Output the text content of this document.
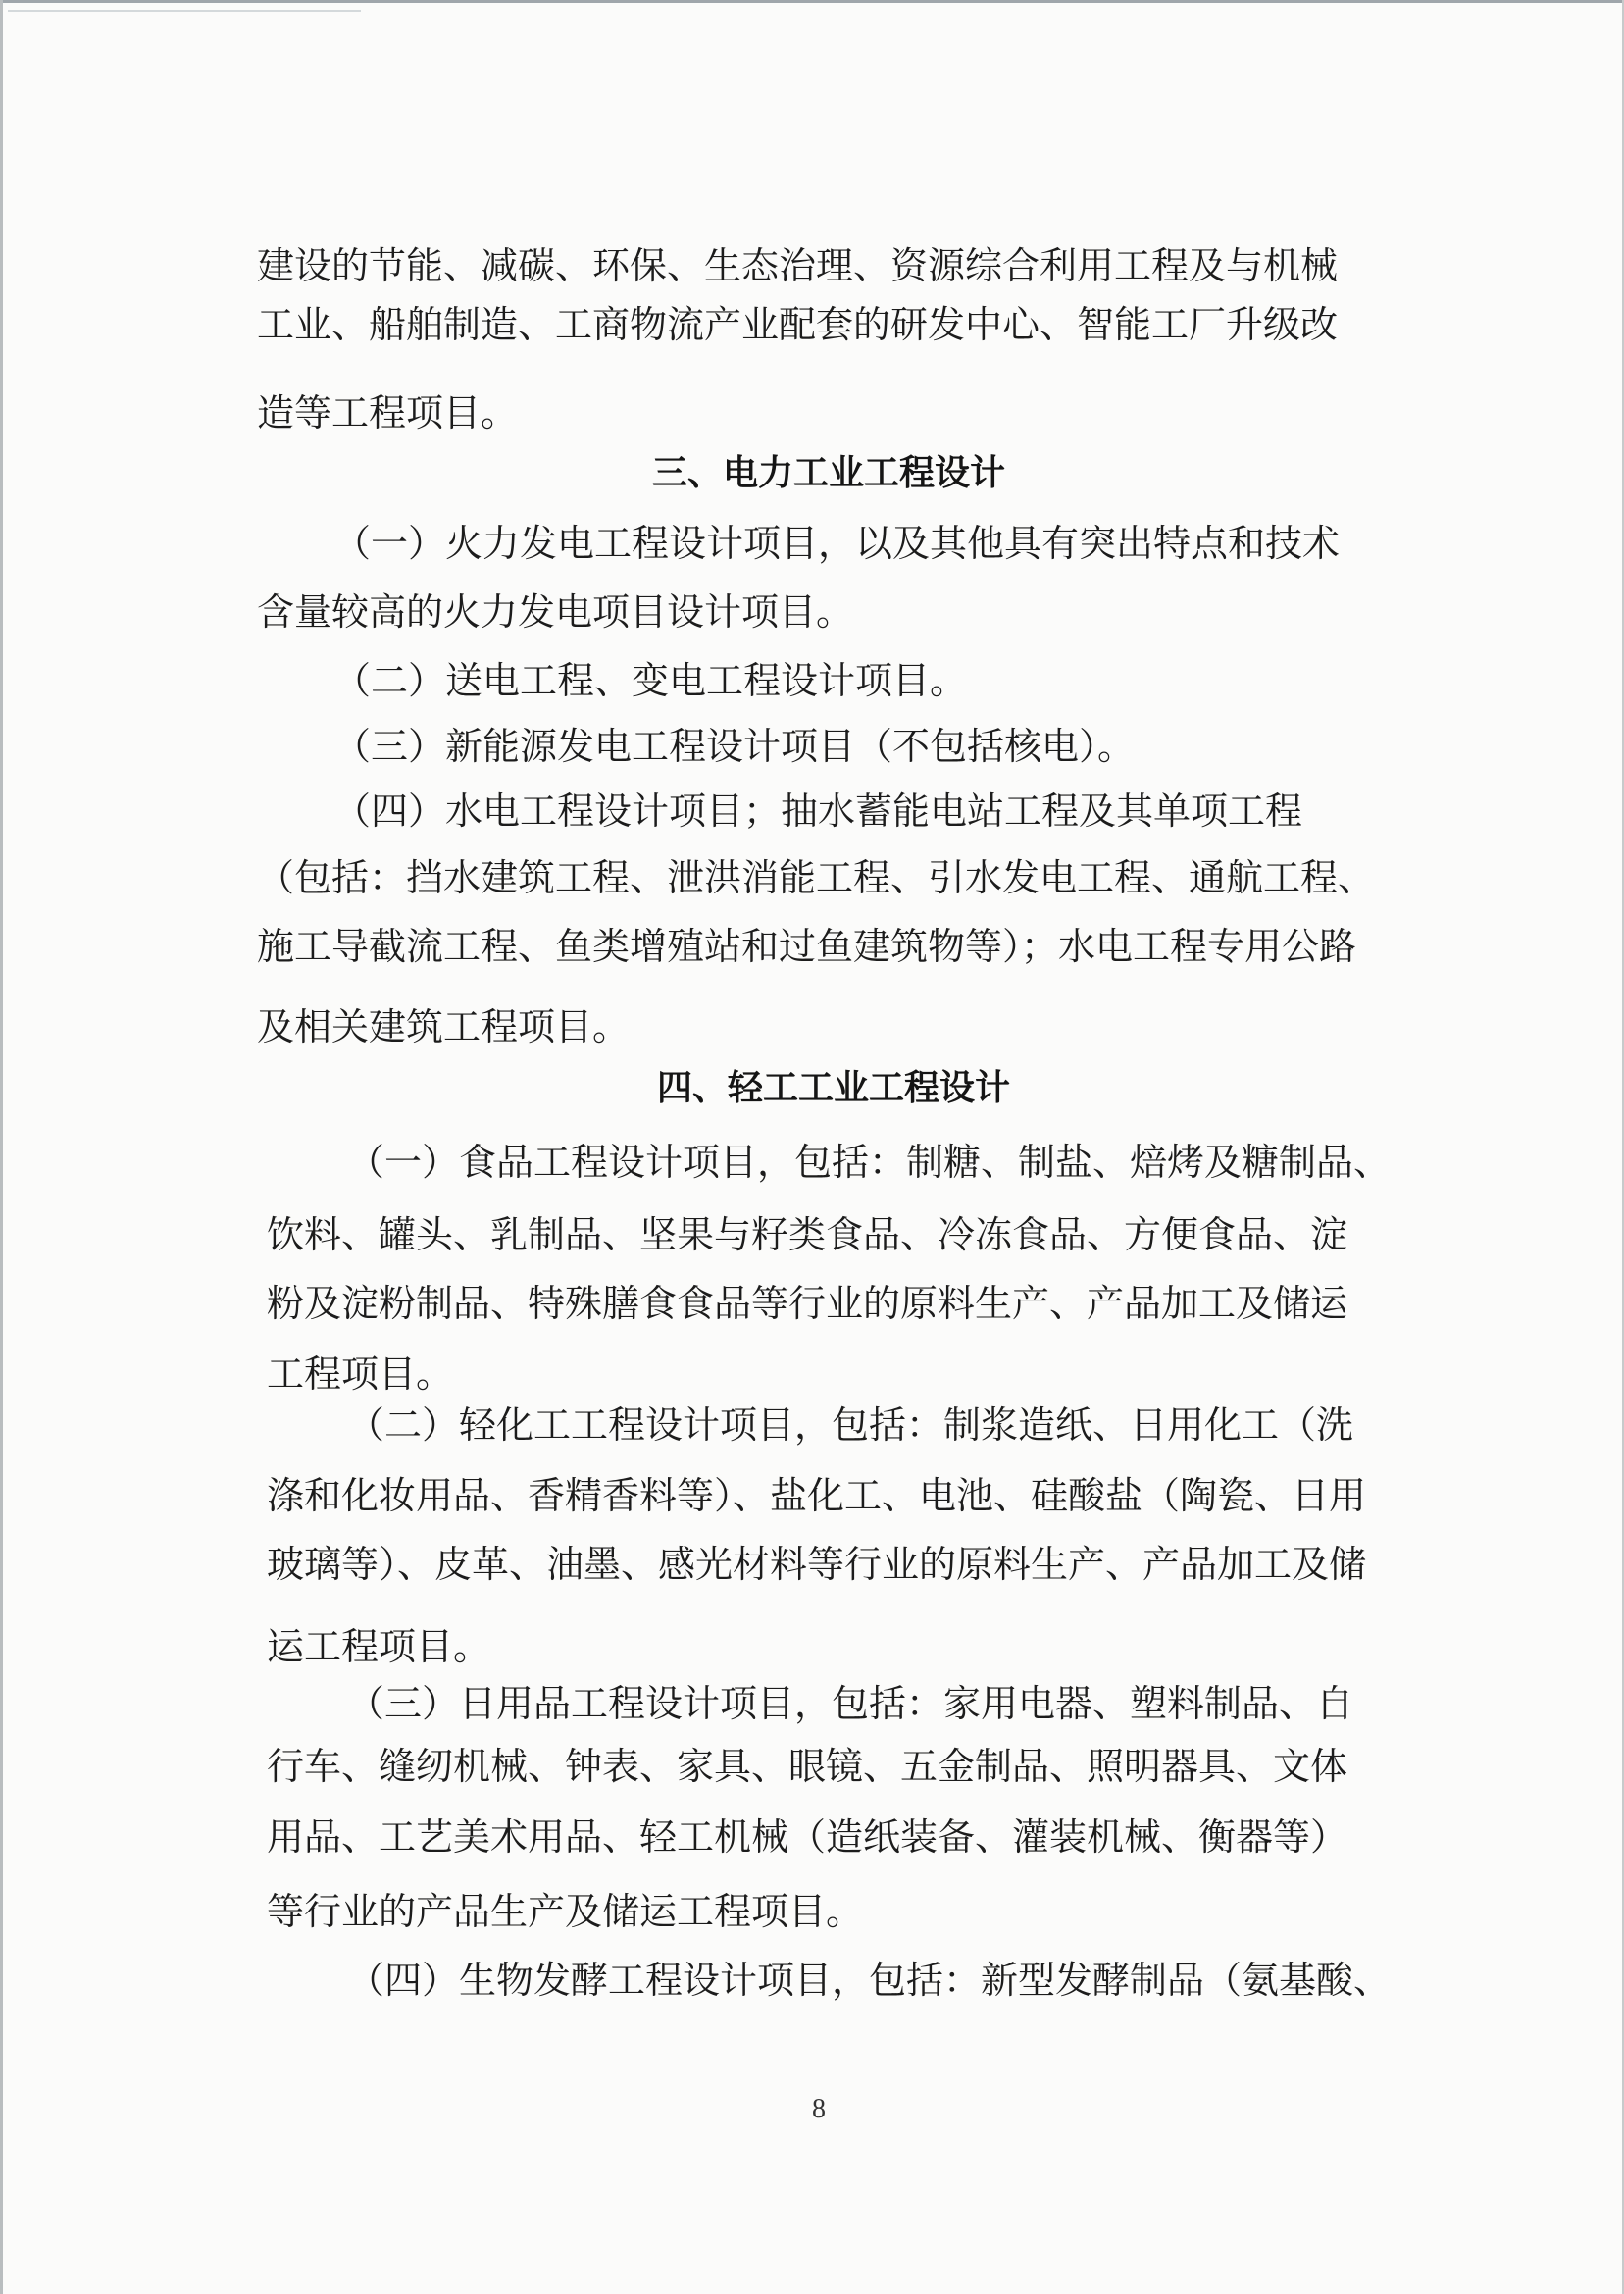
建设的节能、减碳、环保、生态治理、资源综合利用工程及与机械
工业、船舶制造、工商物流产业配套的研发中心、智能工厂升级改
造等工程项目。
三、电力工业工程设计
（一）火力发电工程设计项目，以及其他具有突出特点和技术
含量较高的火力发电项目设计项目。
（二）送电工程、变电工程设计项目。
（三）新能源发电工程设计项目（不包括核电）。
（四）水电工程设计项目；抽水蓄能电站工程及其单项工程
（包括：挡水建筑工程、泄洪消能工程、引水发电工程、通航工程、
施工导截流工程、鱼类增殖站和过鱼建筑物等）；水电工程专用公路
及相关建筑工程项目。
四、轻工工业工程设计
（一）食品工程设计项目，包括：制糖、制盐、焙烤及糖制品、
饮料、罐头、乳制品、坚果与籽类食品、冷冻食品、方便食品、淀
粉及淀粉制品、特殊膳食食品等行业的原料生产、产品加工及储运
工程项目。
（二）轻化工工程设计项目，包括：制浆造纸、日用化工（洗
涤和化妆用品、香精香料等）、盐化工、电池、硅酸盐（陶瓷、日用
玻璃等）、皮革、油墨、感光材料等行业的原料生产、产品加工及储
运工程项目。
（三）日用品工程设计项目，包括：家用电器、塑料制品、自
行车、缝纫机械、钟表、家具、眼镜、五金制品、照明器具、文体
用品、工艺美术用品、轻工机械（造纸装备、灌装机械、衡器等）
等行业的产品生产及储运工程项目。
（四）生物发酵工程设计项目，包括：新型发酵制品（氨基酸、
8
